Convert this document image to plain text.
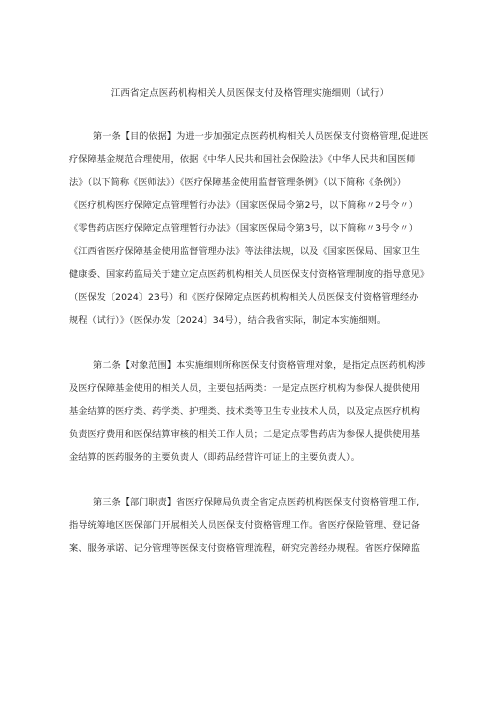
江西省定点医药机构相关人员医保支付及格管理实施细则（试行）
第一条【目的依据】为进一步加强定点医药机构相关人员医保支付资格管理,促进医
疗保障基金规范合理使用，依据《中华人民共和国社会保险法》《中华人民共和国医师
法》（以下简称《医师法》）《医疗保障基金使用监督管理条例》（以下简称《条例》）
《医疗机构医疗保障定点管理暂行办法》（国家医保局令第2号，以下简称〃2号令〃）
《零售药店医疗保障定点管理暂行办法》（国家医保局令第3号，以下简称〃3号令〃）
《江西省医疗保障基金使用监督管理办法》等法律法规，以及《国家医保局、国家卫生
健康委、国家药监局关于建立定点医药机构相关人员医保支付资格管理制度的指导意见》
（医保发〔2024〕23号）和《医疗保障定点医药机构相关人员医保支付资格管理经办
规程（试行）》（医保办发〔2024〕34号），结合我省实际，制定本实施细则。
第二条【对象范围】本实施细则所称医保支付资格管理对象，是指定点医药机构涉
及医疗保障基金使用的相关人员，主要包括两类：一是定点医疗机构为参保人提供使用
基金结算的医疗类、药学类、护理类、技术类等卫生专业技术人员，以及定点医疗机构
负责医疗费用和医保结算审核的相关工作人员；二是定点零售药店为参保人提供使用基
金结算的医药服务的主要负责人（即药品经营许可证上的主要负责人）。
第三条【部门职责】省医疗保障局负责全省定点医药机构医保支付资格管理工作,
指导统筹地区医保部门开展相关人员医保支付资格管理工作。省医疗保险管理、登记备
案、服务承诺、记分管理等医保支付资格管理流程，研究完善经办规程。省医疗保障监
